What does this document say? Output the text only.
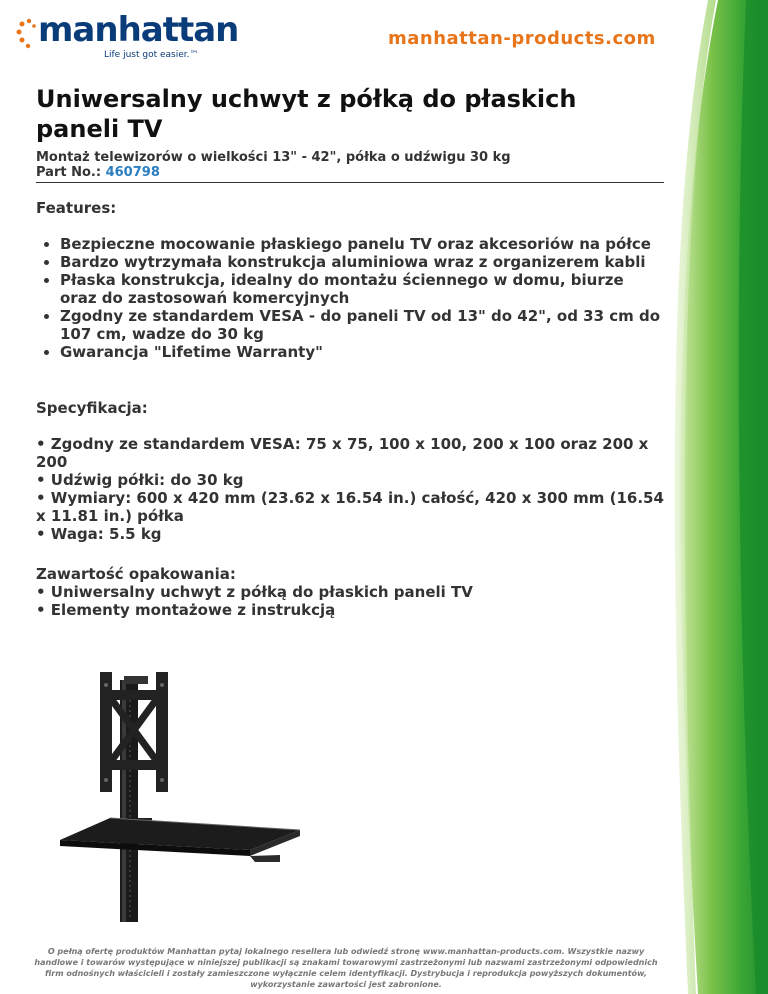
manhattan
Life just got easier.™
manhattan-products.com
Uniwersalny uchwyt z półką do płaskich paneli TV
Montaż telewizorów o wielkości 13" - 42", półka o udźwigu 30 kg
Part No.: 460798
Features:
• Bezpieczne mocowanie płaskiego panelu TV oraz akcesoriów na półce
• Bardzo wytrzymała konstrukcja aluminiowa wraz z organizerem kabli
• Płaska konstrukcja, idealny do montażu ściennego w domu, biurze oraz do zastosowań komercyjnych
• Zgodny ze standardem VESA - do paneli TV od 13" do 42", od 33 cm do 107 cm, wadze do 30 kg
• Gwarancja "Lifetime Warranty"
Specyfikacja:
• Zgodny ze standardem VESA: 75 x 75, 100 x 100, 200 x 100 oraz 200 x 200
• Udźwig półki: do 30 kg
• Wymiary: 600 x 420 mm (23.62 x 16.54 in.) całość, 420 x 300 mm (16.54 x 11.81 in.) półka
• Waga: 5.5 kg
Zawartość opakowania:
• Uniwersalny uchwyt z półką do płaskich paneli TV
• Elementy montażowe z instrukcją
O pełną ofertę produktów Manhattan pytaj lokalnego resellera lub odwiedź stronę www.manhattan-products.com. Wszystkie nazwy handlowe i towarów występujące w niniejszej publikacji są znakami towarowymi zastrzeżonymi lub nazwami zastrzeżonymi odpowiednich firm odnośnych właścicieli i zostały zamieszczone wyłącznie celem identyfikacji. Dystrybucja i reprodukcja powyższych dokumentów, wykorzystanie zawartości jest zabronione.
